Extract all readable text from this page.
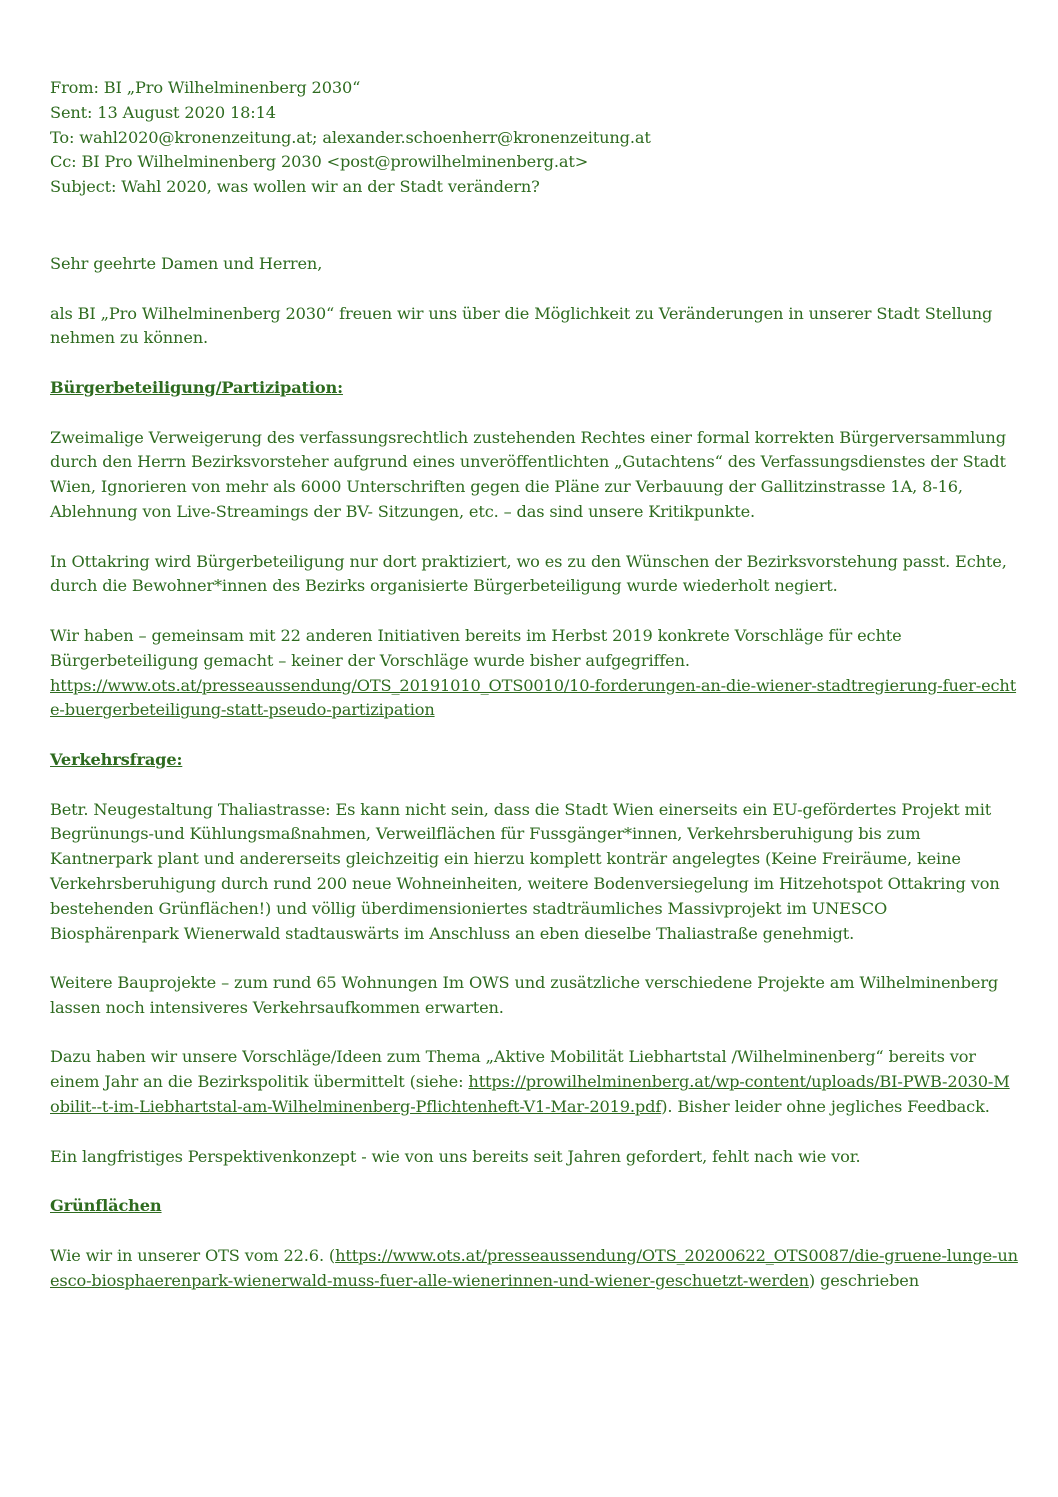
From: BI „Pro Wilhelminenberg 2030“

Sent: 13 August 2020 18:14

To: wahl2020@kronenzeitung.at; alexander.schoenherr@kronenzeitung.at

Cc: BI Pro Wilhelminenberg 2030 <post@prowilhelminenberg.at>

Subject: Wahl 2020, was wollen wir an der Stadt verändern?

Sehr geehrte Damen und Herren,

als BI „Pro Wilhelminenberg 2030“ freuen wir uns über die Möglichkeit zu Veränderungen in unserer Stadt Stellung nehmen zu können.

Bürgerbeteiligung/Partizipation:

Zweimalige Verweigerung des verfassungsrechtlich zustehenden Rechtes einer formal korrekten Bürgerversammlung durch den Herrn Bezirksvorsteher aufgrund eines unveröffentlichten „Gutachtens“ des Verfassungsdienstes der Stadt Wien, Ignorieren von mehr als 6000 Unterschriften gegen die Pläne zur Verbauung der Gallitzinstrasse 1A, 8-16, Ablehnung von Live-Streamings der BV- Sitzungen, etc. – das sind unsere Kritikpunkte.

In Ottakring wird Bürgerbeteiligung nur dort praktiziert, wo es zu den Wünschen der Bezirksvorstehung passt. Echte, durch die Bewohner*innen des Bezirks organisierte Bürgerbeteiligung wurde wiederholt negiert.

Wir haben – gemeinsam mit 22 anderen Initiativen bereits im Herbst 2019 konkrete Vorschläge für echte Bürgerbeteiligung gemacht – keiner der Vorschläge wurde bisher aufgegriffen.
https://www.ots.at/presseaussendung/OTS_20191010_OTS0010/10-forderungen-an-die-wiener-stadtregierung-fuer-echte-buergerbeteiligung-statt-pseudo-partizipation

Verkehrsfrage:

Betr. Neugestaltung Thaliastrasse: Es kann nicht sein, dass die Stadt Wien einerseits ein EU-gefördertes Projekt mit Begrünungs-und Kühlungsmaßnahmen, Verweilflächen für Fussgänger*innen, Verkehrsberuhigung bis zum Kantnerpark plant und andererseits gleichzeitig ein hierzu komplett konträr angelegtes (Keine Freiräume, keine Verkehrsberuhigung durch rund 200 neue Wohneinheiten, weitere Bodenversiegelung im Hitzehotspot Ottakring von bestehenden Grünflächen!) und völlig überdimensioniertes stadträumliches Massivprojekt im UNESCO Biosphärenpark Wienerwald stadtauswärts im Anschluss an eben dieselbe Thaliastraße genehmigt.

Weitere Bauprojekte – zum rund 65 Wohnungen Im OWS und zusätzliche verschiedene Projekte am Wilhelminenberg lassen noch intensiveres Verkehrsaufkommen erwarten.

Dazu haben wir unsere Vorschläge/Ideen zum Thema „Aktive Mobilität Liebhartstal /Wilhelminenberg“ bereits vor einem Jahr an die Bezirkspolitik übermittelt (siehe: https://prowilhelminenberg.at/wp-content/uploads/BI-PWB-2030-Mobilit--t-im-Liebhartstal-am-Wilhelminenberg-Pflichtenheft-V1-Mar-2019.pdf). Bisher leider ohne jegliches Feedback.

Ein langfristiges Perspektivenkonzept - wie von uns bereits seit Jahren gefordert, fehlt nach wie vor.

Grünflächen

Wie wir in unserer OTS vom 22.6. (https://www.ots.at/presseaussendung/OTS_20200622_OTS0087/die-gruene-lunge-unesco-biosphaerenpark-wienerwald-muss-fuer-alle-wienerinnen-und-wiener-geschuetzt-werden) geschrieben
